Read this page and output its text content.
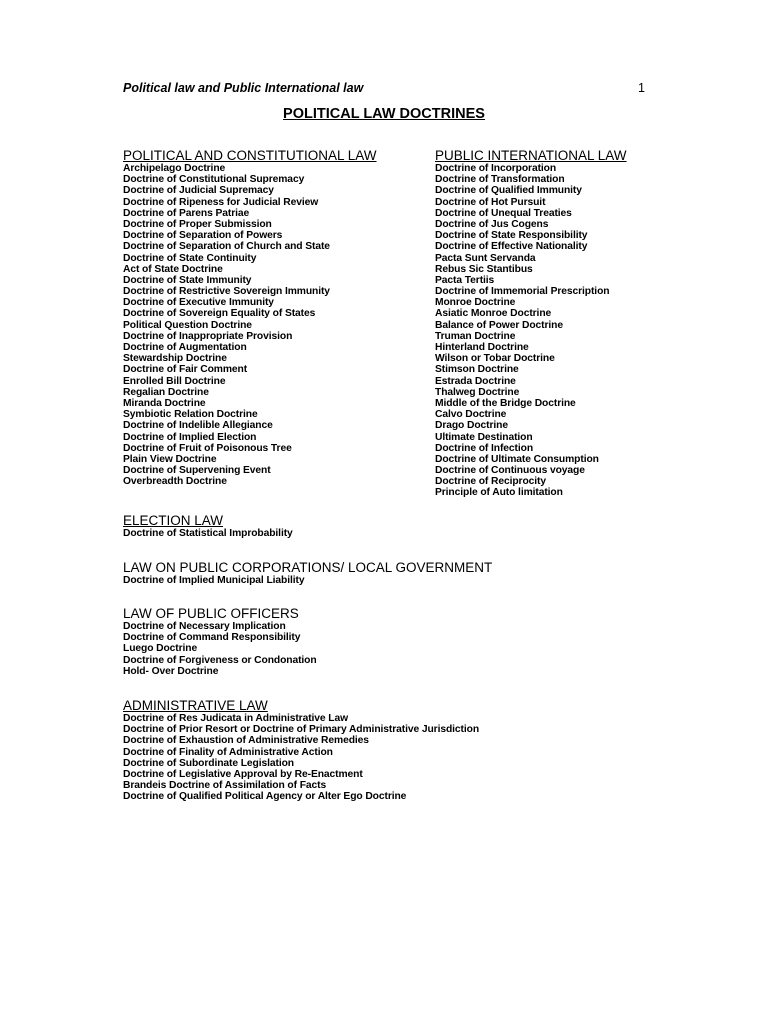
Political law and Public International law	1
POLITICAL LAW DOCTRINES
POLITICAL AND CONSTITUTIONAL LAW
Archipelago Doctrine
Doctrine of Constitutional Supremacy
Doctrine of Judicial Supremacy
Doctrine of Ripeness for Judicial Review
Doctrine of Parens Patriae
Doctrine of Proper Submission
Doctrine of Separation of Powers
Doctrine of Separation of Church and State
Doctrine of State Continuity
Act of State Doctrine
Doctrine of State Immunity
Doctrine of Restrictive Sovereign Immunity
Doctrine of Executive Immunity
Doctrine of Sovereign Equality of States
Political Question Doctrine
Doctrine of Inappropriate Provision
Doctrine of Augmentation
Stewardship Doctrine
Doctrine of Fair Comment
Enrolled Bill Doctrine
Regalian Doctrine
Miranda Doctrine
Symbiotic Relation Doctrine
Doctrine of Indelible Allegiance
Doctrine of Implied Election
Doctrine of Fruit of Poisonous Tree
Plain View Doctrine
Doctrine of Supervening Event
Overbreadth Doctrine
PUBLIC INTERNATIONAL LAW
Doctrine of Incorporation
Doctrine of Transformation
Doctrine of Qualified Immunity
Doctrine of Hot Pursuit
Doctrine of Unequal Treaties
Doctrine of Jus Cogens
Doctrine of State Responsibility
Doctrine of Effective Nationality
Pacta Sunt Servanda
Rebus Sic Stantibus
Pacta Tertiis
Doctrine of Immemorial Prescription
Monroe Doctrine
Asiatic Monroe Doctrine
Balance of Power Doctrine
Truman Doctrine
Hinterland Doctrine
Wilson or Tobar Doctrine
Stimson Doctrine
Estrada Doctrine
Thalweg Doctrine
Middle of the Bridge Doctrine
Calvo Doctrine
Drago Doctrine
Ultimate Destination
Doctrine of Infection
Doctrine of Ultimate Consumption
Doctrine of Continuous voyage
Doctrine of Reciprocity
Principle of Auto limitation
ELECTION LAW
Doctrine of Statistical Improbability
LAW ON PUBLIC CORPORATIONS/ LOCAL GOVERNMENT
Doctrine of Implied Municipal Liability
LAW OF PUBLIC OFFICERS
Doctrine of Necessary Implication
Doctrine of Command Responsibility
Luego Doctrine
Doctrine of Forgiveness or Condonation
Hold- Over Doctrine
ADMINISTRATIVE LAW
Doctrine of Res Judicata in Administrative Law
Doctrine of Prior Resort or Doctrine of Primary Administrative Jurisdiction
Doctrine of Exhaustion of Administrative Remedies
Doctrine of Finality of Administrative Action
Doctrine of Subordinate Legislation
Doctrine of Legislative Approval by Re-Enactment
Brandeis Doctrine of Assimilation of Facts
Doctrine of Qualified Political Agency or Alter Ego Doctrine
